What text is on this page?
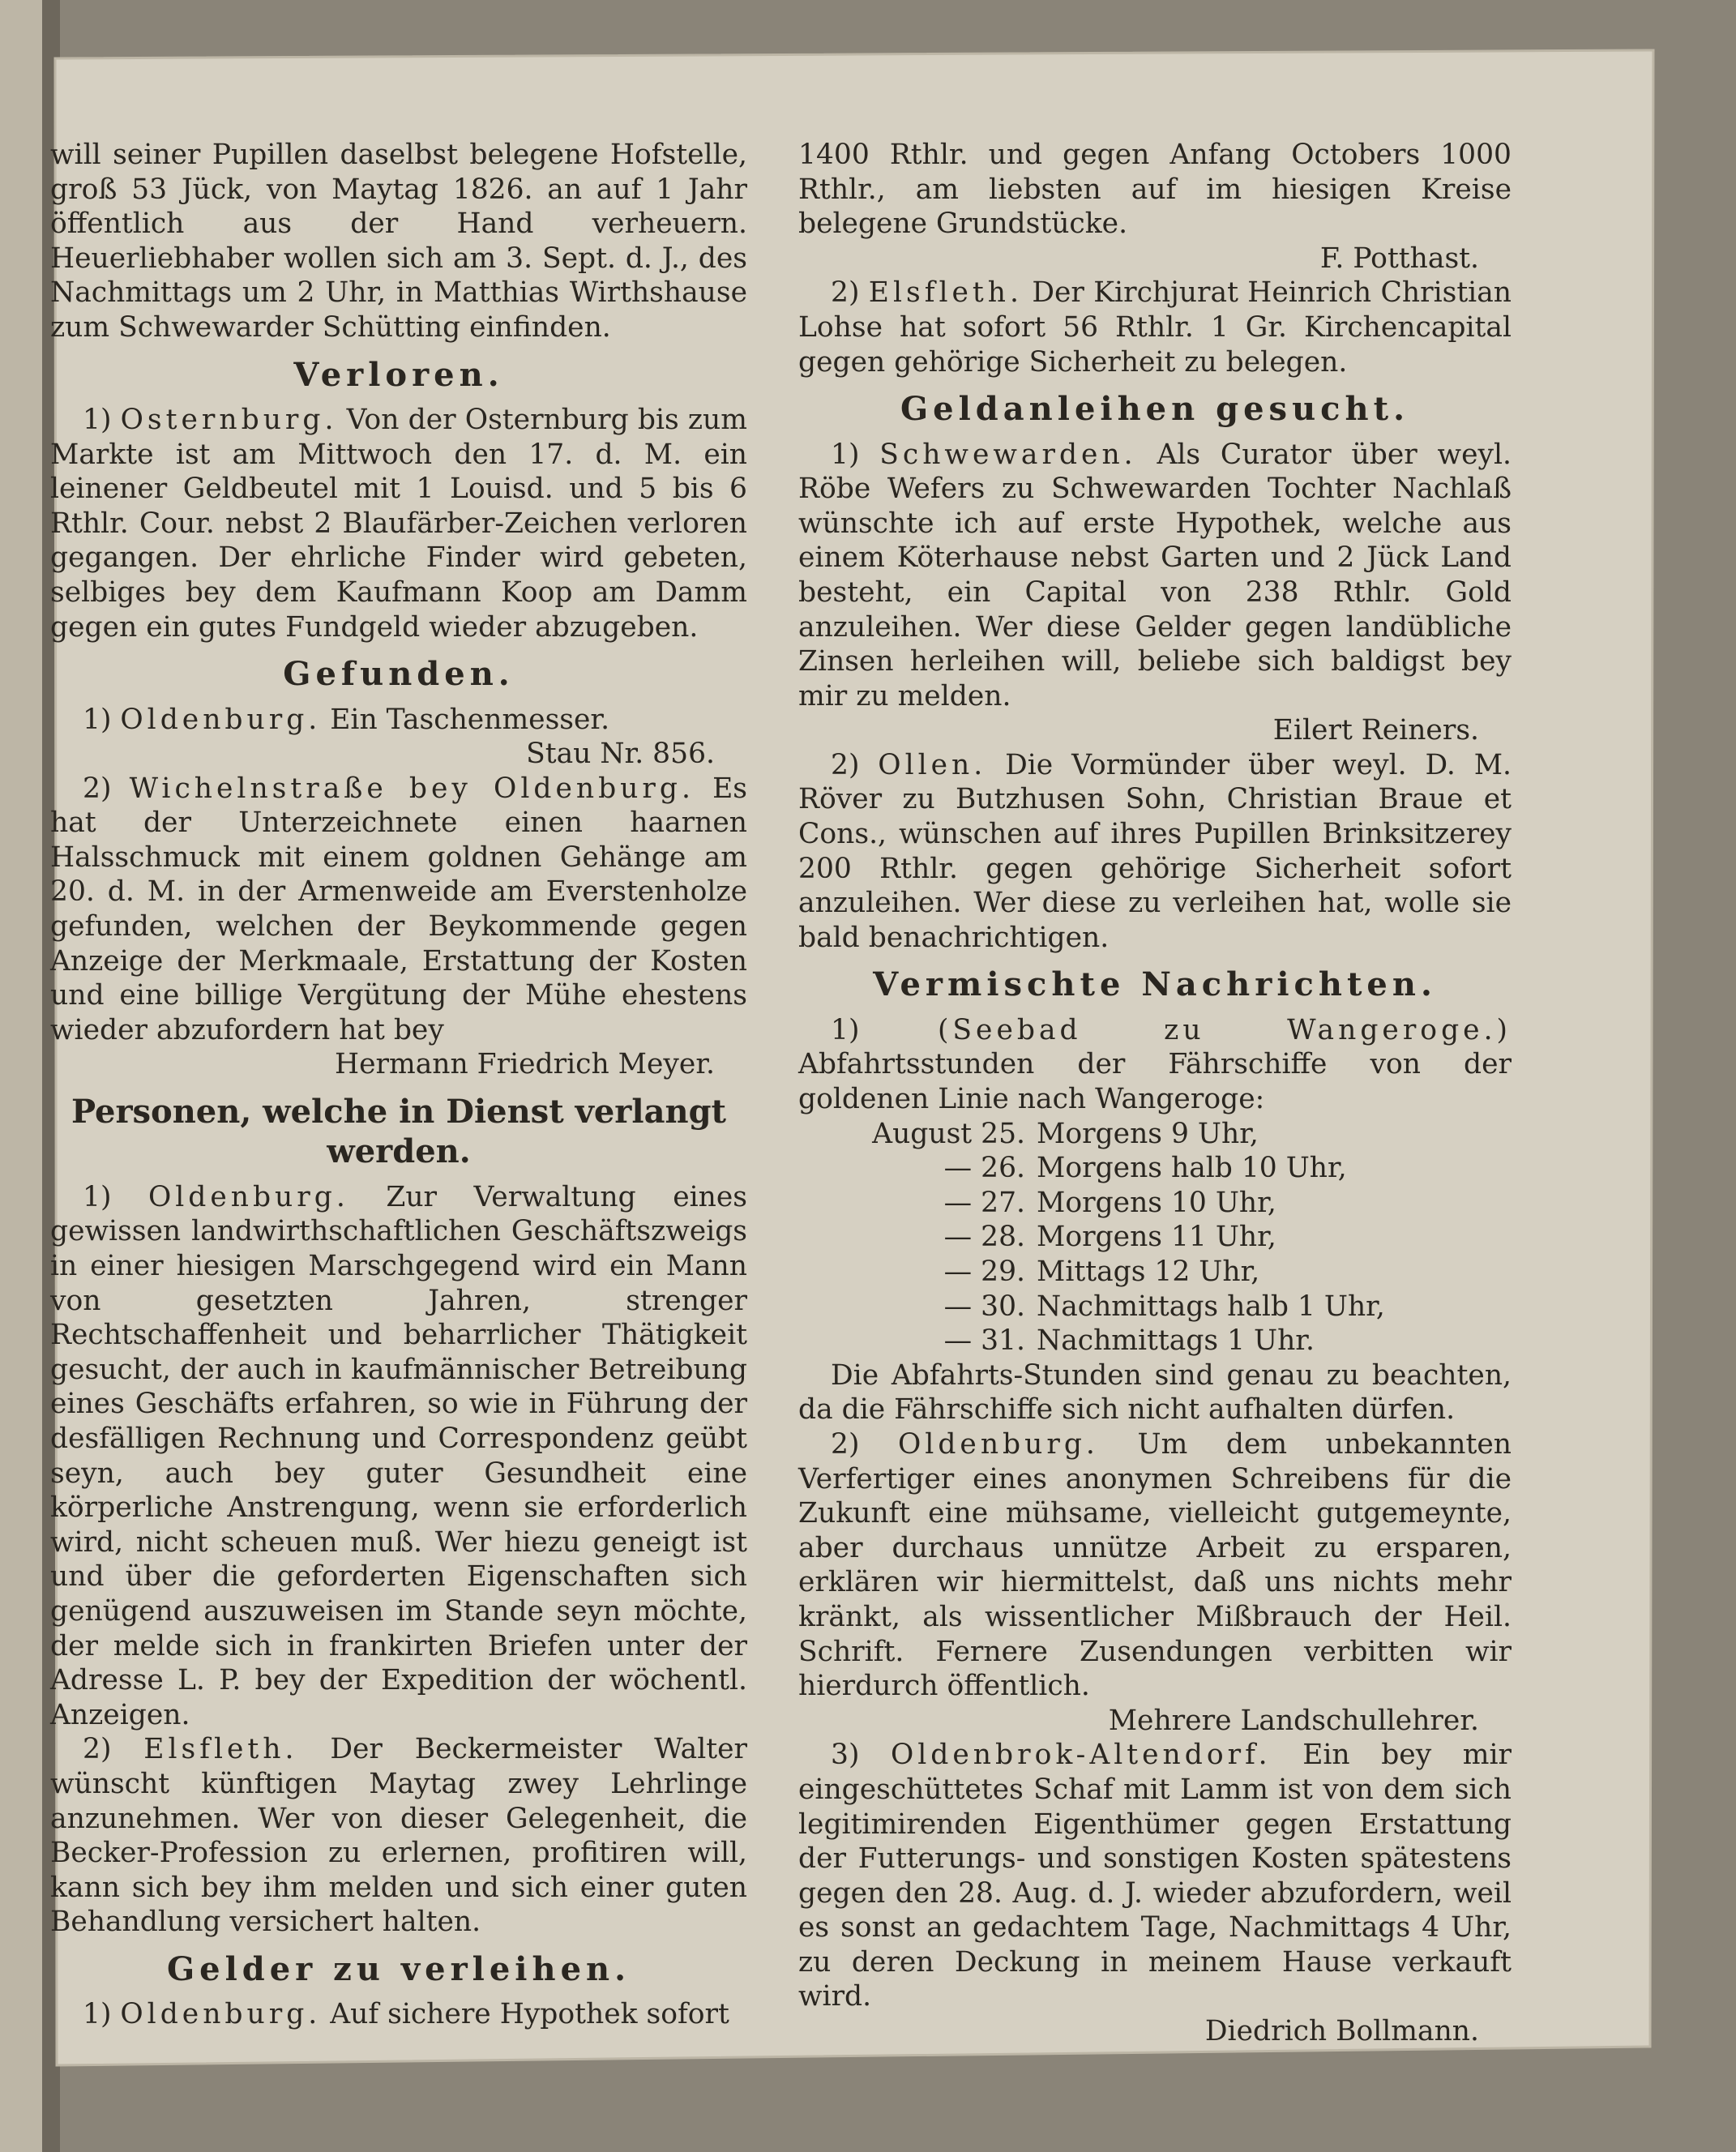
will seiner Pupillen daselbst belegene Hofstelle, groß 53 Jück, von Maytag 1826. an auf 1 Jahr öffentlich aus der Hand verheuern. Heuerliebhaber wollen sich am 3. Sept. d. J., des Nachmittags um 2 Uhr, in Matthias Wirthshause zum Schwewarder Schütting einfinden.

Verloren.

1) Osternburg. Von der Osternburg bis zum Markte ist am Mittwoch den 17. d. M. ein leinener Geldbeutel mit 1 Louisd. und 5 bis 6 Rthlr. Cour. nebst 2 Blaufärber-Zeichen verloren gegangen. Der ehrliche Finder wird gebeten, selbiges bey dem Kaufmann Koop am Damm gegen ein gutes Fundgeld wieder abzugeben.

Gefunden.

1) Oldenburg. Ein Taschenmesser.

Stau Nr. 856.

2) Wichelnstraße bey Oldenburg. Es hat der Unterzeichnete einen haarnen Halsschmuck mit einem goldnen Gehänge am 20. d. M. in der Armenweide am Everstenholze gefunden, welchen der Beykommende gegen Anzeige der Merkmaale, Erstattung der Kosten und eine billige Vergütung der Mühe ehestens wieder abzufordern hat bey

Hermann Friedrich Meyer.

Personen, welche in Dienst verlangt werden.

1) Oldenburg. Zur Verwaltung eines gewissen landwirthschaftlichen Geschäftszweigs in einer hiesigen Marschgegend wird ein Mann von gesetzten Jahren, strenger Rechtschaffenheit und beharrlicher Thätigkeit gesucht, der auch in kaufmännischer Betreibung eines Geschäfts erfahren, so wie in Führung der desfälligen Rechnung und Correspondenz geübt seyn, auch bey guter Gesundheit eine körperliche Anstrengung, wenn sie erforderlich wird, nicht scheuen muß. Wer hiezu geneigt ist und über die geforderten Eigenschaften sich genügend auszuweisen im Stande seyn möchte, der melde sich in frankirten Briefen unter der Adresse L. P. bey der Expedition der wöchentl. Anzeigen.

2) Elsfleth. Der Beckermeister Walter wünscht künftigen Maytag zwey Lehrlinge anzunehmen. Wer von dieser Gelegenheit, die Becker-Profession zu erlernen, profitiren will, kann sich bey ihm melden und sich einer guten Behandlung versichert halten.

Gelder zu verleihen.

1) Oldenburg. Auf sichere Hypothek sofort

1400 Rthlr. und gegen Anfang Octobers 1000 Rthlr., am liebsten auf im hiesigen Kreise belegene Grundstücke.

F. Potthast.

2) Elsfleth. Der Kirchjurat Heinrich Christian Lohse hat sofort 56 Rthlr. 1 Gr. Kirchencapital gegen gehörige Sicherheit zu belegen.

Geldanleihen gesucht.

1) Schwewarden. Als Curator über weyl. Röbe Wefers zu Schwewarden Tochter Nachlaß wünschte ich auf erste Hypothek, welche aus einem Köterhause nebst Garten und 2 Jück Land besteht, ein Capital von 238 Rthlr. Gold anzuleihen. Wer diese Gelder gegen landübliche Zinsen herleihen will, beliebe sich baldigst bey mir zu melden.

Eilert Reiners.

2) Ollen. Die Vormünder über weyl. D. M. Röver zu Butzhusen Sohn, Christian Braue et Cons., wünschen auf ihres Pupillen Brinksitzerey 200 Rthlr. gegen gehörige Sicherheit sofort anzuleihen. Wer diese zu verleihen hat, wolle sie bald benachrichtigen.

Vermischte Nachrichten.

1)	(Seebad zu Wangeroge.) Abfahrtsstunden der Fährschiffe von der goldenen Linie nach Wangeroge:

August 25. Morgens 9 Uhr,
— 26. Morgens halb 10 Uhr,
— 27. Morgens 10 Uhr,
— 28. Morgens 11 Uhr,
— 29. Mittags 12 Uhr,
— 30. Nachmittags halb 1 Uhr,
— 31. Nachmittags 1 Uhr.

Die Abfahrts-Stunden sind genau zu beachten, da die Fährschiffe sich nicht aufhalten dürfen.

2) Oldenburg. Um dem unbekannten Verfertiger eines anonymen Schreibens für die Zukunft eine mühsame, vielleicht gutgemeynte, aber durchaus unnütze Arbeit zu ersparen, erklären wir hiermittelst, daß uns nichts mehr kränkt, als wissentlicher Mißbrauch der Heil. Schrift. Fernere Zusendungen verbitten wir hierdurch öffentlich.

Mehrere Landschullehrer.

3) Oldenbrok-Altendorf. Ein bey mir eingeschüttetes Schaf mit Lamm ist von dem sich legitimirenden Eigenthümer gegen Erstattung der Futterungs- und sonstigen Kosten spätestens gegen den 28. Aug. d. J. wieder abzufordern, weil es sonst an gedachtem Tage, Nachmittags 4 Uhr, zu deren Deckung in meinem Hause verkauft wird.

Diedrich Bollmann.
